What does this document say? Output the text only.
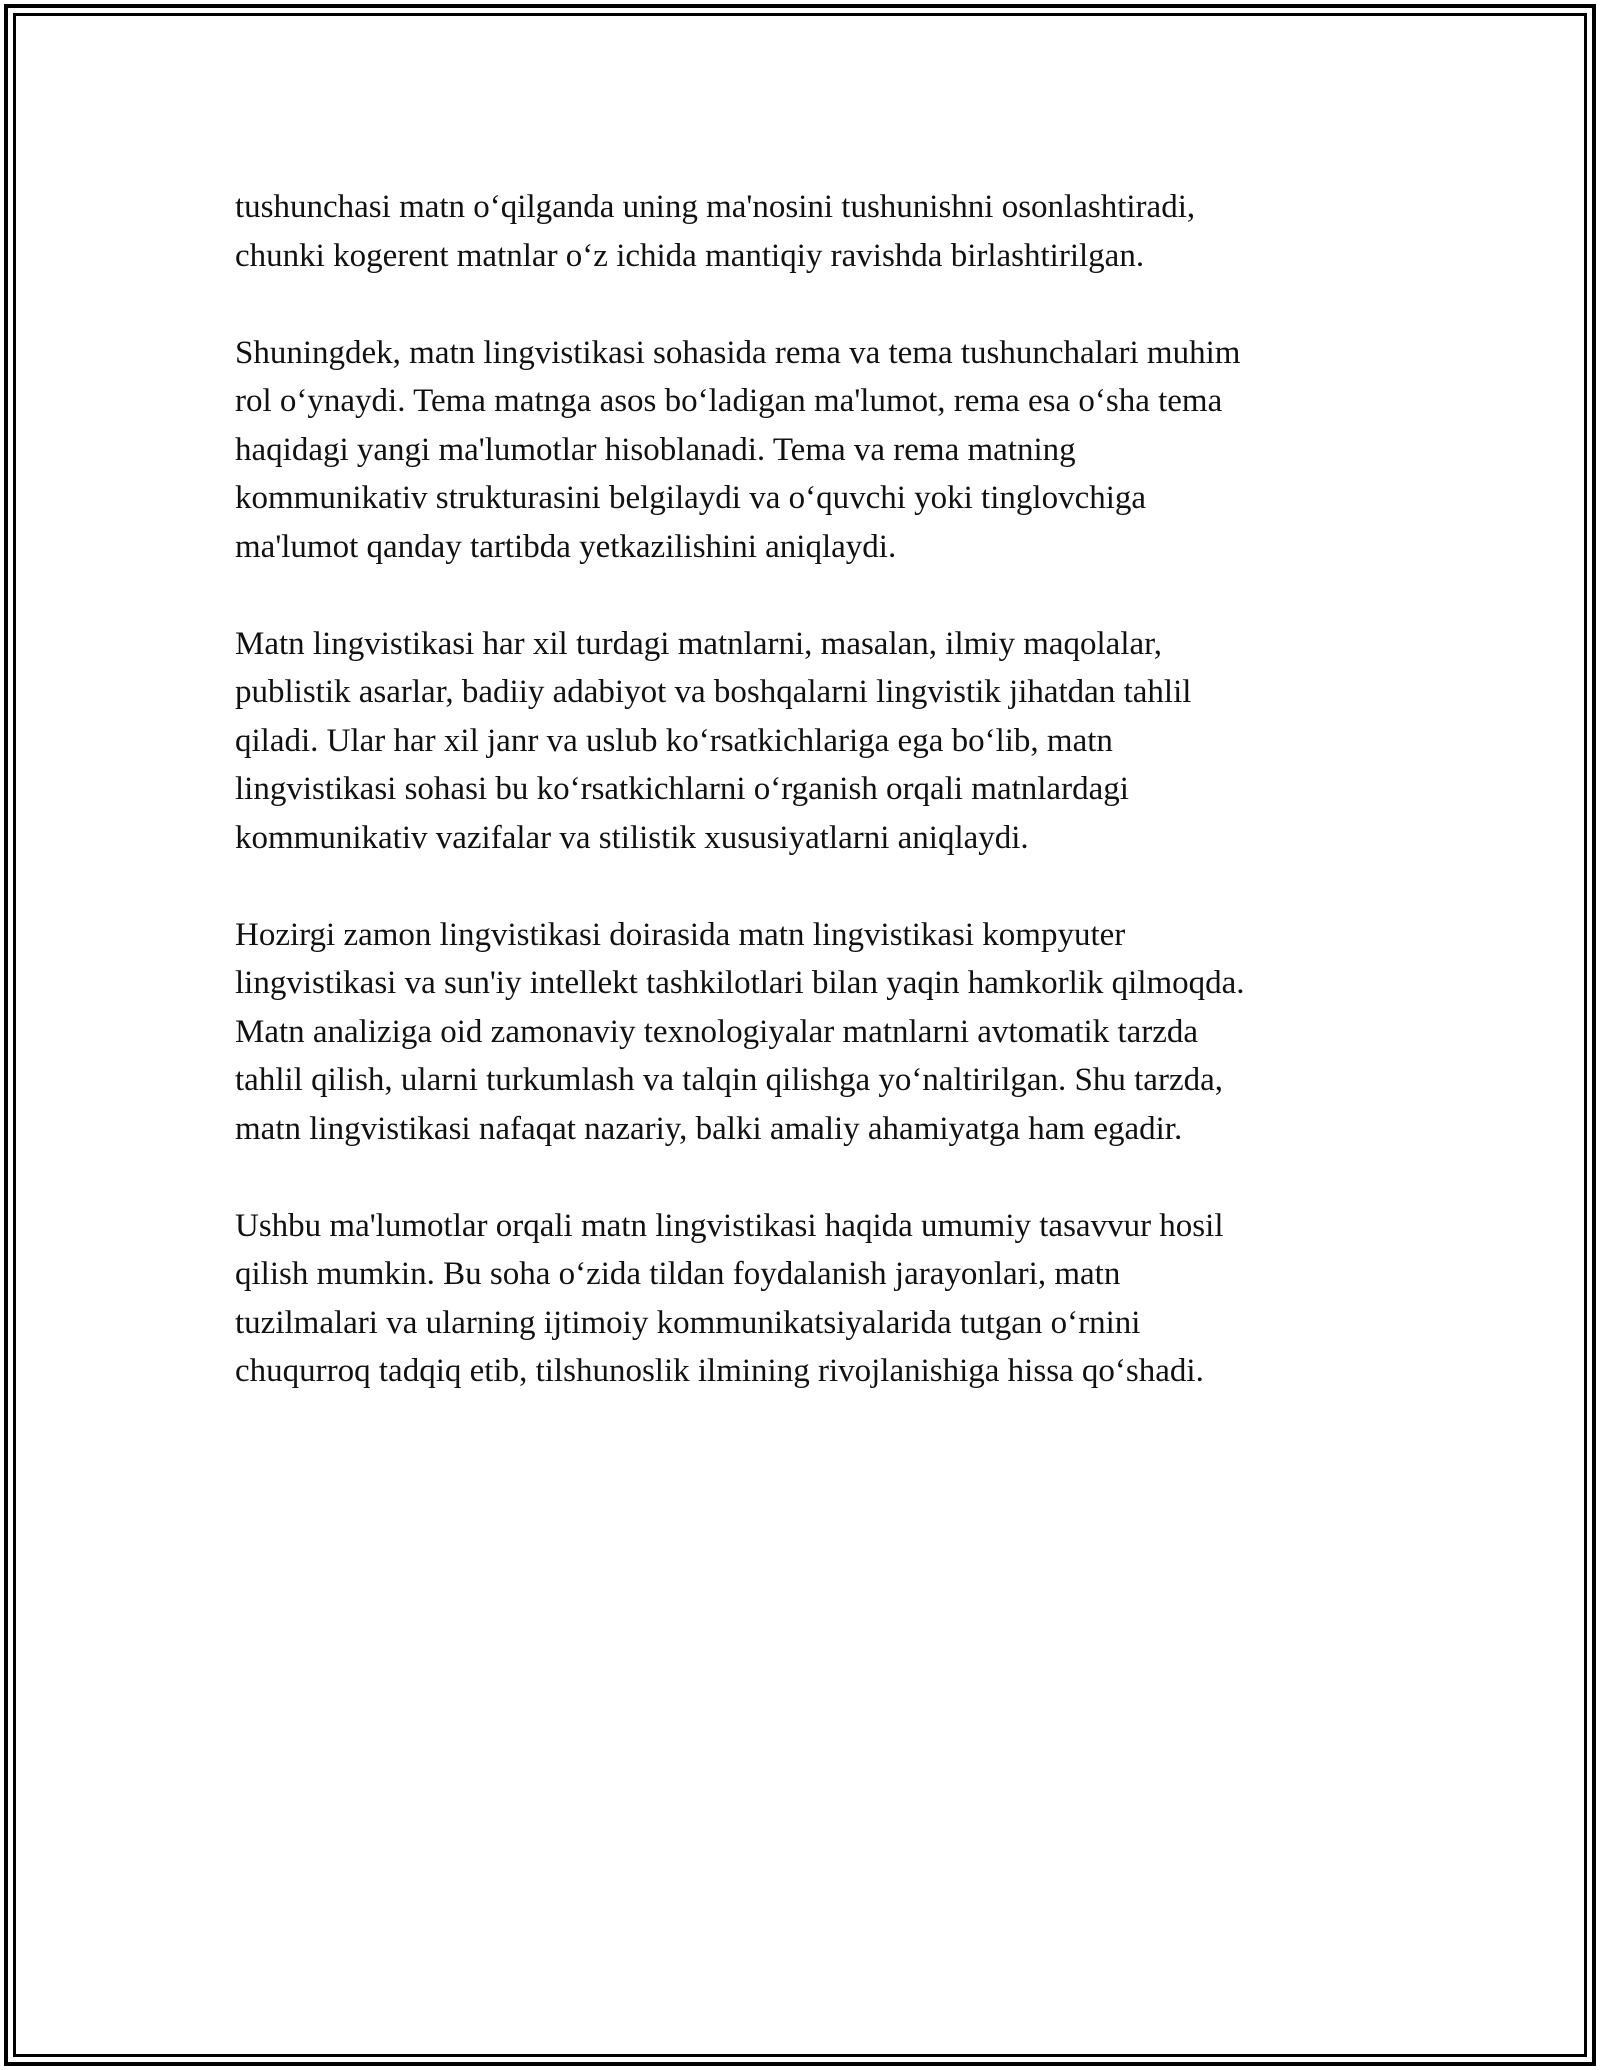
tushunchasi matn o‘qilganda uning ma'nosini tushunishni osonlashtiradi,
chunki kogerent matnlar o‘z ichida mantiqiy ravishda birlashtirilgan.

Shuningdek, matn lingvistikasi sohasida rema va tema tushunchalari muhim
rol o‘ynaydi. Tema matnga asos bo‘ladigan ma'lumot, rema esa o‘sha tema
haqidagi yangi ma'lumotlar hisoblanadi. Tema va rema matning
kommunikativ strukturasini belgilaydi va o‘quvchi yoki tinglovchiga
ma'lumot qanday tartibda yetkazilishini aniqlaydi.

Matn lingvistikasi har xil turdagi matnlarni, masalan, ilmiy maqolalar,
publistik asarlar, badiiy adabiyot va boshqalarni lingvistik jihatdan tahlil
qiladi. Ular har xil janr va uslub ko‘rsatkichlariga ega bo‘lib, matn
lingvistikasi sohasi bu ko‘rsatkichlarni o‘rganish orqali matnlardagi
kommunikativ vazifalar va stilistik xususiyatlarni aniqlaydi.

Hozirgi zamon lingvistikasi doirasida matn lingvistikasi kompyuter
lingvistikasi va sun'iy intellekt tashkilotlari bilan yaqin hamkorlik qilmoqda.
Matn analiziga oid zamonaviy texnologiyalar matnlarni avtomatik tarzda
tahlil qilish, ularni turkumlash va talqin qilishga yo‘naltirilgan. Shu tarzda,
matn lingvistikasi nafaqat nazariy, balki amaliy ahamiyatga ham egadir.

Ushbu ma'lumotlar orqali matn lingvistikasi haqida umumiy tasavvur hosil
qilish mumkin. Bu soha o‘zida tildan foydalanish jarayonlari, matn
tuzilmalari va ularning ijtimoiy kommunikatsiyalarida tutgan o‘rnini
chuqurroq tadqiq etib, tilshunoslik ilmining rivojlanishiga hissa qo‘shadi.
